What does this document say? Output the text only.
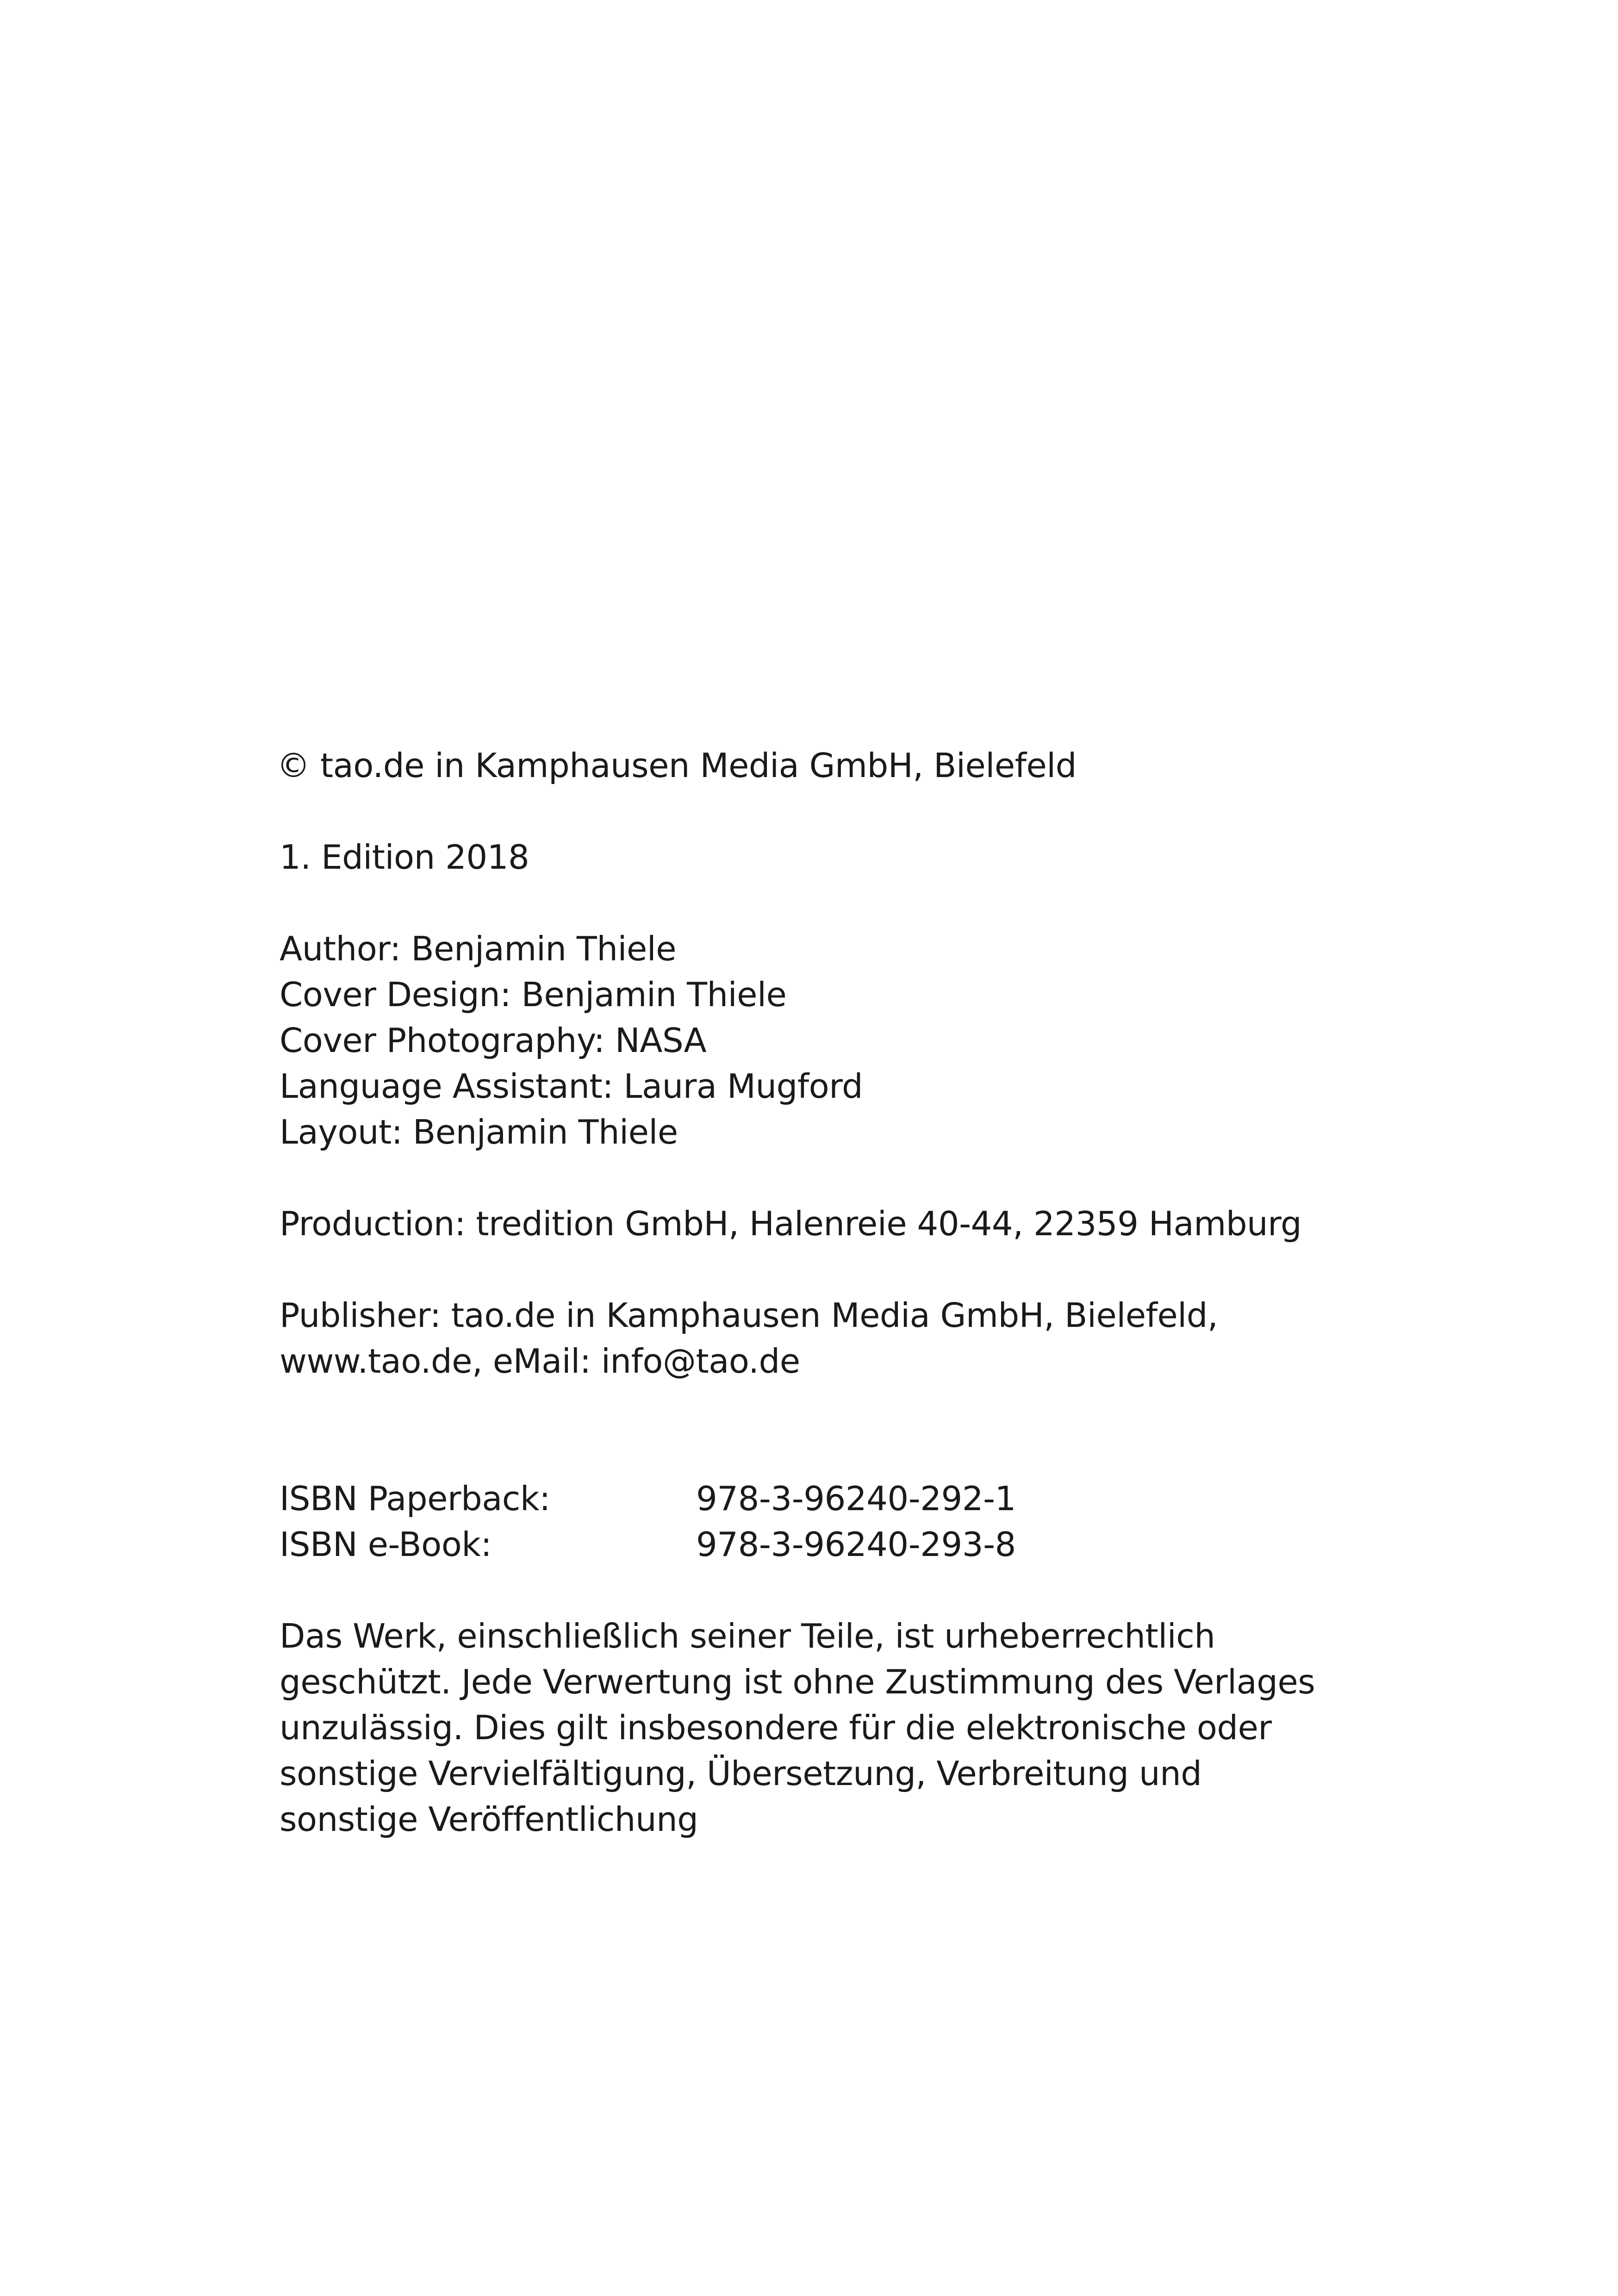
© tao.de in Kamphausen Media GmbH, Bielefeld
1. Edition 2018
Author: Benjamin Thiele
Cover Design: Benjamin Thiele
Cover Photography: NASA
Language Assistant: Laura Mugford
Layout: Benjamin Thiele
Production: tredition GmbH, Halenreie 40-44, 22359 Hamburg
Publisher: tao.de in Kamphausen Media GmbH, Bielefeld,
www.tao.de, eMail: info@tao.de
ISBN Paperback:	978-3-96240-292-1
ISBN e-Book:	978-3-96240-293-8
Das Werk, einschließlich seiner Teile, ist urheberrechtlich
geschützt. Jede Verwertung ist ohne Zustimmung des Verlages
unzulässig. Dies gilt insbesondere für die elektronische oder
sonstige Vervielfältigung, Übersetzung, Verbreitung und
sonstige Veröffentlichung
